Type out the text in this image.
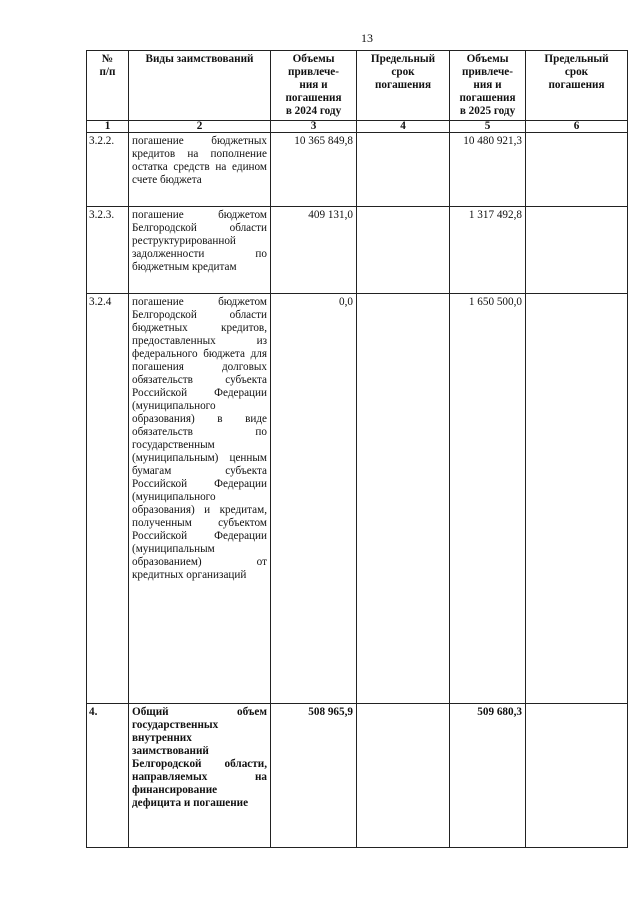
13
№
п/п	Виды заимствований	Объемы
привлече-
ния и
погашения
в 2024 году	Предельный
срок
погашения	Объемы
привлече-
ния и
погашения
в 2025 году	Предельный
срок
погашения
1	2	3	4	5	6
3.2.2.	погашение бюджетных кредитов на пополнение остатка средств на едином счете бюджета	10 365 849,8		10 480 921,3	
3.2.3.	погашение бюджетом Белгородской области реструктурированной задолженности по бюджетным кредитам	409 131,0		1 317 492,8	
3.2.4	погашение бюджетом Белгородской области бюджетных кредитов, предоставленных из федерального бюджета для погашения долговых обязательств субъекта Российской Федерации (муниципального образования) в виде обязательств по государственным (муниципальным) ценным бумагам субъекта Российской Федерации (муниципального образования) и кредитам, полученным субъектом Российской Федерации (муниципальным образованием) от кредитных организаций	0,0		1 650 500,0	
4.	Общий объем государственных внутренних заимствований Белгородской области, направляемых на финансирование дефицита и погашение	508 965,9		509 680,3	
